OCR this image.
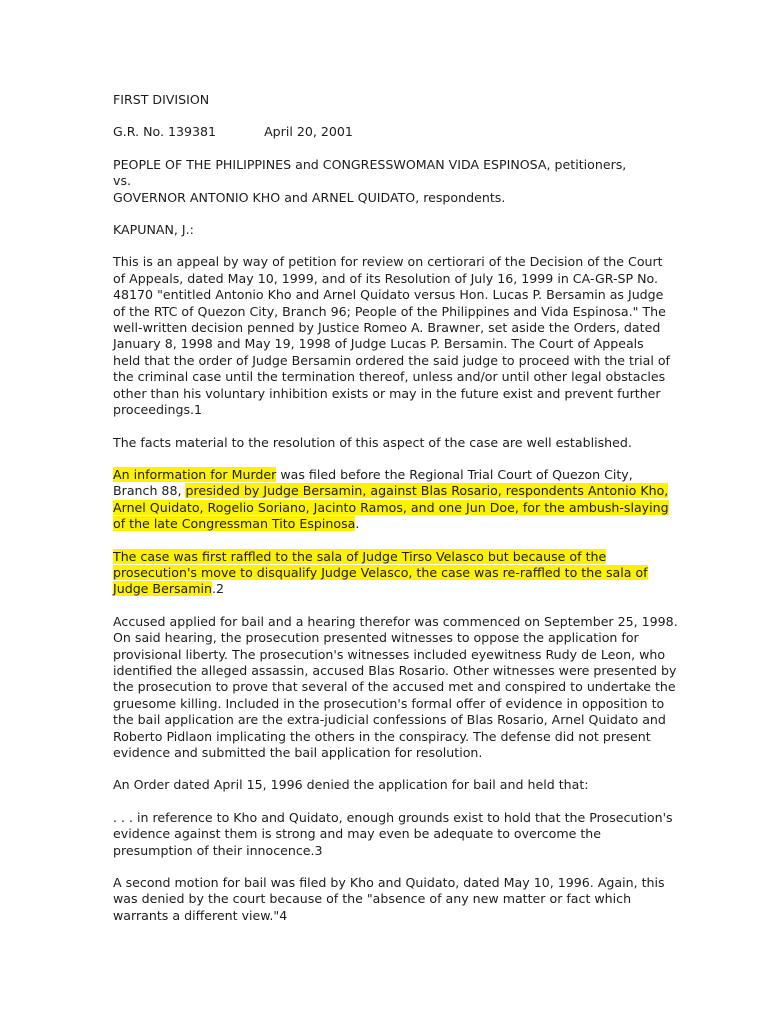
FIRST DIVISION

G.R. No. 139381	April 20, 2001

PEOPLE OF THE PHILIPPINES and CONGRESSWOMAN VIDA ESPINOSA, petitioners,
vs.
GOVERNOR ANTONIO KHO and ARNEL QUIDATO, respondents.

KAPUNAN, J.:

This is an appeal by way of petition for review on certiorari of the Decision of the Court
of Appeals, dated May 10, 1999, and of its Resolution of July 16, 1999 in CA-GR-SP No.
48170 "entitled Antonio Kho and Arnel Quidato versus Hon. Lucas P. Bersamin as Judge
of the RTC of Quezon City, Branch 96; People of the Philippines and Vida Espinosa." The
well-written decision penned by Justice Romeo A. Brawner, set aside the Orders, dated
January 8, 1998 and May 19, 1998 of Judge Lucas P. Bersamin. The Court of Appeals
held that the order of Judge Bersamin ordered the said judge to proceed with the trial of
the criminal case until the termination thereof, unless and/or until other legal obstacles
other than his voluntary inhibition exists or may in the future exist and prevent further
proceedings.1

The facts material to the resolution of this aspect of the case are well established.

An information for Murder was filed before the Regional Trial Court of Quezon City,
Branch 88, presided by Judge Bersamin, against Blas Rosario, respondents Antonio Kho,
Arnel Quidato, Rogelio Soriano, Jacinto Ramos, and one Jun Doe, for the ambush-slaying
of the late Congressman Tito Espinosa.

The case was first raffled to the sala of Judge Tirso Velasco but because of the
prosecution's move to disqualify Judge Velasco, the case was re-raffled to the sala of
Judge Bersamin.2

Accused applied for bail and a hearing therefor was commenced on September 25, 1998.
On said hearing, the prosecution presented witnesses to oppose the application for
provisional liberty. The prosecution's witnesses included eyewitness Rudy de Leon, who
identified the alleged assassin, accused Blas Rosario. Other witnesses were presented by
the prosecution to prove that several of the accused met and conspired to undertake the
gruesome killing. Included in the prosecution's formal offer of evidence in opposition to
the bail application are the extra-judicial confessions of Blas Rosario, Arnel Quidato and
Roberto Pidlaon implicating the others in the conspiracy. The defense did not present
evidence and submitted the bail application for resolution.

An Order dated April 15, 1996 denied the application for bail and held that:

. . . in reference to Kho and Quidato, enough grounds exist to hold that the Prosecution's
evidence against them is strong and may even be adequate to overcome the
presumption of their innocence.3

A second motion for bail was filed by Kho and Quidato, dated May 10, 1996. Again, this
was denied by the court because of the "absence of any new matter or fact which
warrants a different view."4
